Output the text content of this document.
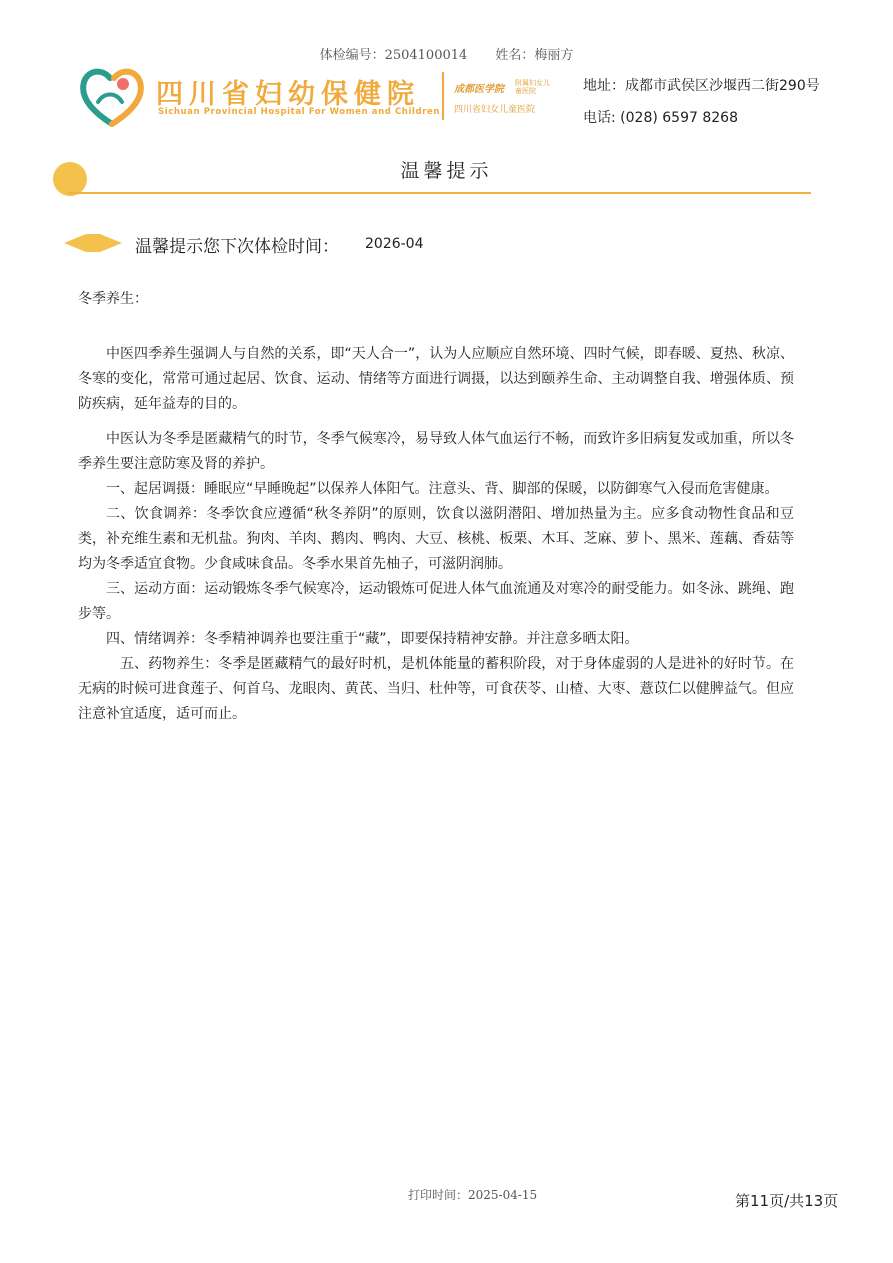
体检编号：2504100014 姓名：梅丽方
四川省妇幼保健院
Sichuan Provincial Hospital For Women and Children
成都医学院
附属妇女儿童医院
四川省妇女儿童医院
地址：成都市武侯区沙堰西二街290号
电话: (028) 6597 8268
温馨提示
温馨提示您下次体检时间： 2026-04

冬季养生：

中医四季养生强调人与自然的关系，即“天人合一”，认为人应顺应自然环境、四时气候，即春暖、夏热、秋凉、冬寒的变化，常常可通过起居、饮食、运动、情绪等方面进行调摄，以达到颐养生命、主动调整自我、增强体质、预防疾病，延年益寿的目的。

中医认为冬季是匿藏精气的时节，冬季气候寒冷，易导致人体气血运行不畅，而致许多旧病复发或加重，所以冬季养生要注意防寒及肾的养护。

一、起居调摄：睡眠应“早睡晚起”以保养人体阳气。注意头、背、脚部的保暖，以防御寒气入侵而危害健康。

二、饮食调养：冬季饮食应遵循“秋冬养阴”的原则，饮食以滋阴潜阳、增加热量为主。应多食动物性食品和豆类，补充维生素和无机盐。狗肉、羊肉、鹅肉、鸭肉、大豆、核桃、板栗、木耳、芝麻、萝卜、黑米、莲藕、香菇等均为冬季适宜食物。少食咸味食品。冬季水果首先柚子，可滋阴润肺。

三、运动方面：运动锻炼冬季气候寒冷，运动锻炼可促进人体气血流通及对寒冷的耐受能力。如冬泳、跳绳、跑步等。

四、情绪调养：冬季精神调养也要注重于“藏”，即要保持精神安静。并注意多晒太阳。

五、药物养生：冬季是匿藏精气的最好时机，是机体能量的蓄积阶段，对于身体虚弱的人是进补的好时节。在无病的时候可进食莲子、何首乌、龙眼肉、黄芪、当归、杜仲等，可食茯苓、山楂、大枣、薏苡仁以健脾益气。但应注意补宜适度，适可而止。

打印时间：2025-04-15	第11页/共13页
